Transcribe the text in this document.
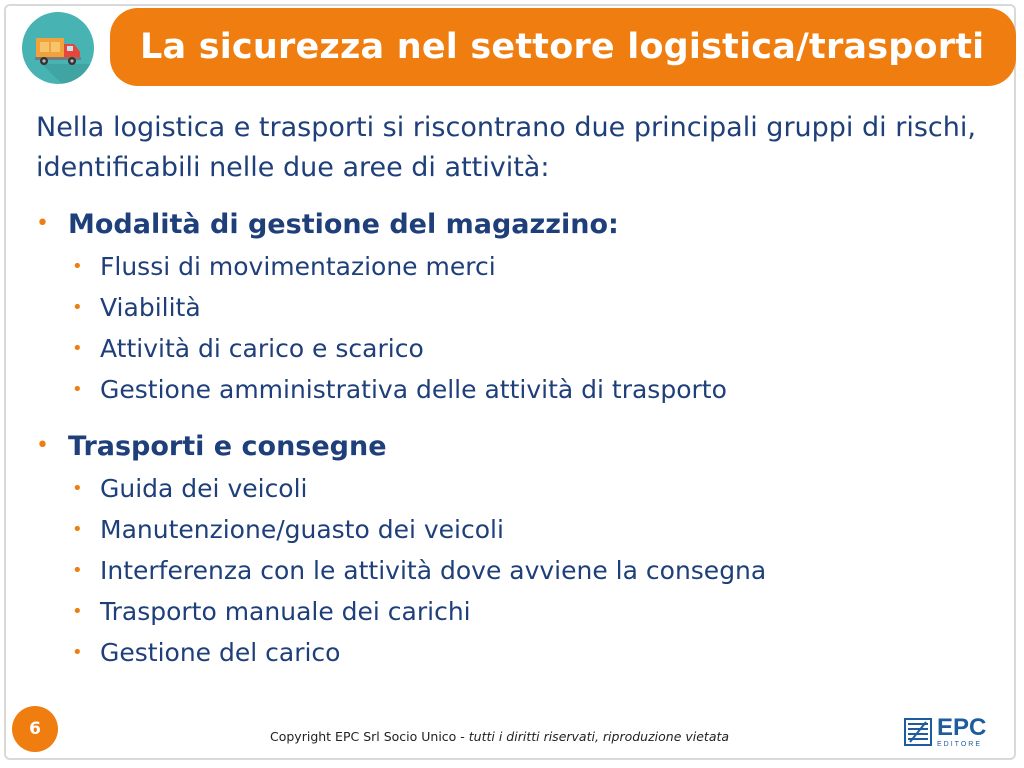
La sicurezza nel settore logistica/trasporti

Nella logistica e trasporti si riscontrano due principali gruppi di rischi, identificabili nelle due aree di attività:

• Modalità di gestione del magazzino:
• Flussi di movimentazione merci
• Viabilità
• Attività di carico e scarico
• Gestione amministrativa delle attività di trasporto
• Trasporti e consegne
• Guida dei veicoli
• Manutenzione/guasto dei veicoli
• Interferenza con le attività dove avviene la consegna
• Trasporto manuale dei carichi
• Gestione del carico
6	Copyright EPC Srl Socio Unico - tutti i diritti riservati, riproduzione vietata	EPC
EDITORE
